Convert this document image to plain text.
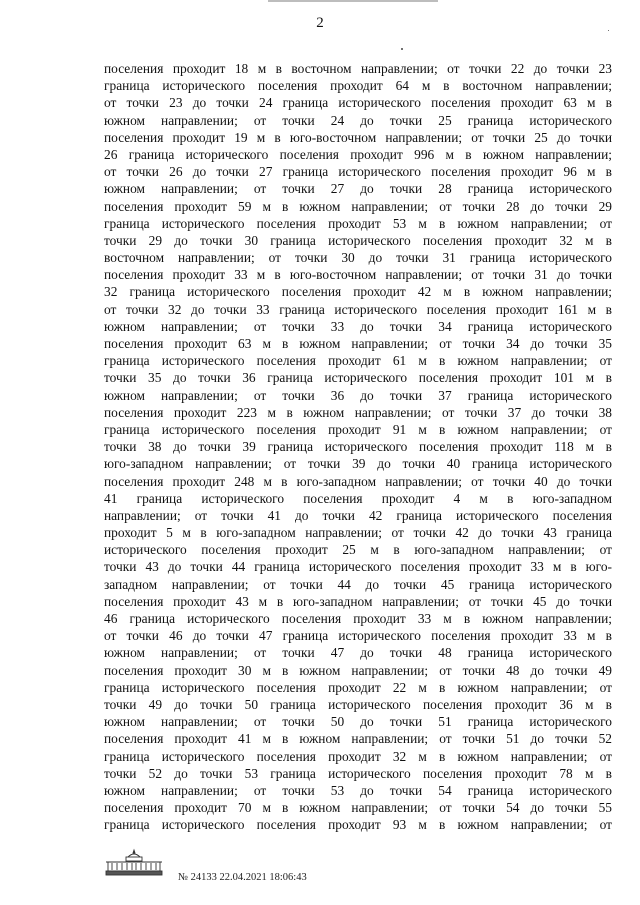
2
поселения проходит 18 м в восточном направлении; от точки 22 до точки 23
граница исторического поселения проходит 64 м в восточном направлении;
от точки 23 до точки 24 граница исторического поселения проходит 63 м в
южном направлении; от точки 24 до точки 25 граница исторического
поселения проходит 19 м в юго-восточном направлении; от точки 25 до точки
26 граница исторического поселения проходит 996 м в южном направлении;
от точки 26 до точки 27 граница исторического поселения проходит 96 м в
южном направлении; от точки 27 до точки 28 граница исторического
поселения проходит 59 м в южном направлении; от точки 28 до точки 29
граница исторического поселения проходит 53 м в южном направлении; от
точки 29 до точки 30 граница исторического поселения проходит 32 м в
восточном направлении; от точки 30 до точки 31 граница исторического
поселения проходит 33 м в юго-восточном направлении; от точки 31 до точки
32 граница исторического поселения проходит 42 м в южном направлении;
от точки 32 до точки 33 граница исторического поселения проходит 161 м в
южном направлении; от точки 33 до точки 34 граница исторического
поселения проходит 63 м в южном направлении; от точки 34 до точки 35
граница исторического поселения проходит 61 м в южном направлении; от
точки 35 до точки 36 граница исторического поселения проходит 101 м в
южном направлении; от точки 36 до точки 37 граница исторического
поселения проходит 223 м в южном направлении; от точки 37 до точки 38
граница исторического поселения проходит 91 м в южном направлении; от
точки 38 до точки 39 граница исторического поселения проходит 118 м в
юго-западном направлении; от точки 39 до точки 40 граница исторического
поселения проходит 248 м в юго-западном направлении; от точки 40 до точки
41 граница исторического поселения проходит 4 м в юго-западном
направлении; от точки 41 до точки 42 граница исторического поселения
проходит 5 м в юго-западном направлении; от точки 42 до точки 43 граница
исторического поселения проходит 25 м в юго-западном направлении; от
точки 43 до точки 44 граница исторического поселения проходит 33 м в юго-
западном направлении; от точки 44 до точки 45 граница исторического
поселения проходит 43 м в юго-западном направлении; от точки 45 до точки
46 граница исторического поселения проходит 33 м в южном направлении;
от точки 46 до точки 47 граница исторического поселения проходит 33 м в
южном направлении; от точки 47 до точки 48 граница исторического
поселения проходит 30 м в южном направлении; от точки 48 до точки 49
граница исторического поселения проходит 22 м в южном направлении; от
точки 49 до точки 50 граница исторического поселения проходит 36 м в
южном направлении; от точки 50 до точки 51 граница исторического
поселения проходит 41 м в южном направлении; от точки 51 до точки 52
граница исторического поселения проходит 32 м в южном направлении; от
точки 52 до точки 53 граница исторического поселения проходит 78 м в
южном направлении; от точки 53 до точки 54 граница исторического
поселения проходит 70 м в южном направлении; от точки 54 до точки 55
граница исторического поселения проходит 93 м в южном направлении; от
№ 24133 22.04.2021 18:06:43
